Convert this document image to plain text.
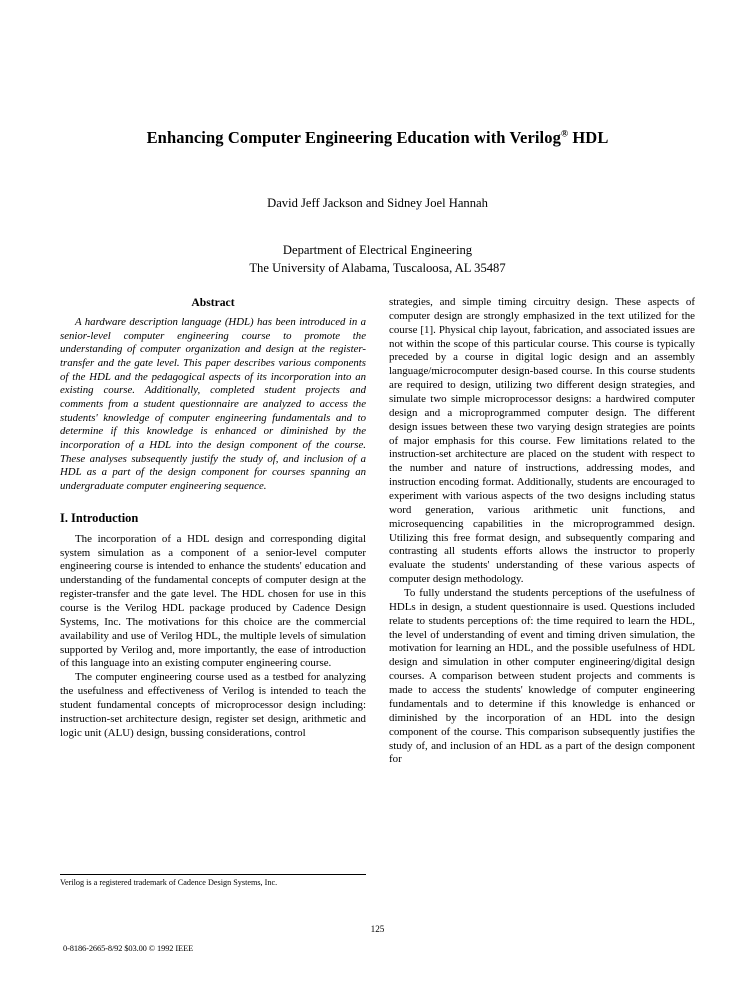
Enhancing Computer Engineering Education with Verilog® HDL
David Jeff Jackson and Sidney Joel Hannah
Department of Electrical Engineering
The University of Alabama, Tuscaloosa, AL 35487
Abstract

A hardware description language (HDL) has been introduced in a senior-level computer engineering course to promote the understanding of computer organization and design at the register-transfer and the gate level. This paper describes various components of the HDL and the pedagogical aspects of its incorporation into an existing course. Additionally, completed student projects and comments from a student questionnaire are analyzed to access the students' knowledge of computer engineering fundamentals and to determine if this knowledge is enhanced or diminished by the incorporation of a HDL into the design component of the course. These analyses subsequently justify the study of, and inclusion of a HDL as a part of the design component for courses spanning an undergraduate computer engineering sequence.

I. Introduction

The incorporation of a HDL design and corresponding digital system simulation as a component of a senior-level computer engineering course is intended to enhance the students' education and understanding of the fundamental concepts of computer design at the register-transfer and the gate level. The HDL chosen for use in this course is the Verilog HDL package produced by Cadence Design Systems, Inc. The motivations for this choice are the commercial availability and use of Verilog HDL, the multiple levels of simulation supported by Verilog and, more importantly, the ease of introduction of this language into an existing computer engineering course.

The computer engineering course used as a testbed for analyzing the usefulness and effectiveness of Verilog is intended to teach the student fundamental concepts of microprocessor design including: instruction-set architecture design, register set design, arithmetic and logic unit (ALU) design, bussing considerations, control

strategies, and simple timing circuitry design. These aspects of computer design are strongly emphasized in the text utilized for the course [1]. Physical chip layout, fabrication, and associated issues are not within the scope of this particular course. This course is typically preceded by a course in digital logic design and an assembly language/microcomputer design-based course. In this course students are required to design, utilizing two different design strategies, and simulate two simple microprocessor designs: a hardwired computer design and a microprogrammed computer design. The different design issues between these two varying design strategies are points of major emphasis for this course. Few limitations related to the instruction-set architecture are placed on the student with respect to the number and nature of instructions, addressing modes, and instruction encoding format. Additionally, students are encouraged to experiment with various aspects of the two designs including status word generation, various arithmetic unit functions, and microsequencing capabilities in the microprogrammed design. Utilizing this free format design, and subsequently comparing and contrasting all students efforts allows the instructor to properly evaluate the students' understanding of these various aspects of computer design methodology.

To fully understand the students perceptions of the usefulness of HDLs in design, a student questionnaire is used. Questions included relate to students perceptions of: the time required to learn the HDL, the level of understanding of event and timing driven simulation, the motivation for learning an HDL, and the possible usefulness of HDL design and simulation in other computer engineering/digital design courses. A comparison between student projects and comments is made to access the students' knowledge of computer engineering fundamentals and to determine if this knowledge is enhanced or diminished by the incorporation of an HDL into the design component of the course. This comparison subsequently justifies the study of, and inclusion of an HDL as a part of the design component for

Verilog is a registered trademark of Cadence Design Systems, Inc.

125
0-8186-2665-8/92 $03.00 © 1992 IEEE
